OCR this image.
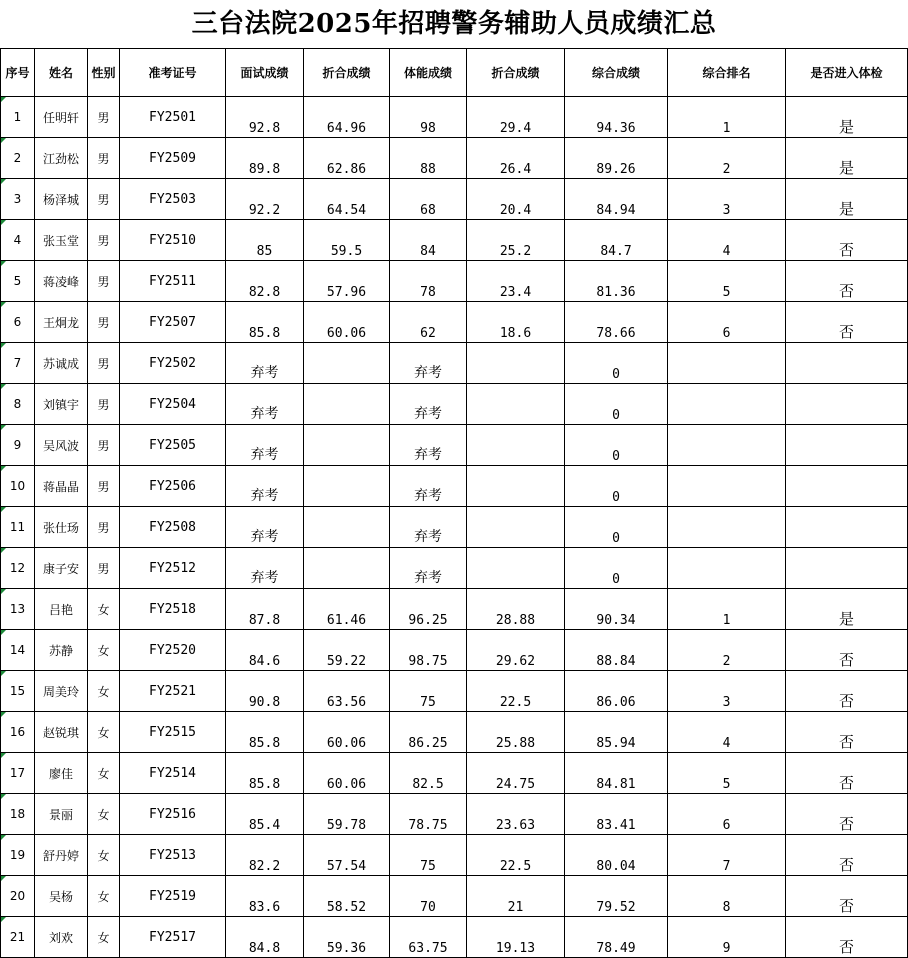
三台法院2025年招聘警务辅助人员成绩汇总
序号	姓名	性别	准考证号	面试成绩	折合成绩	体能成绩	折合成绩	综合成绩	综合排名	是否进入体检
1	任明轩	男	FY2501	92.8	64.96	98	29.4	94.36	1	是
2	江劲松	男	FY2509	89.8	62.86	88	26.4	89.26	2	是
3	杨泽城	男	FY2503	92.2	64.54	68	20.4	84.94	3	是
4	张玉堂	男	FY2510	85	59.5	84	25.2	84.7	4	否
5	蒋凌峰	男	FY2511	82.8	57.96	78	23.4	81.36	5	否
6	王炯龙	男	FY2507	85.8	60.06	62	18.6	78.66	6	否
7	苏诚成	男	FY2502	弃考		弃考		0		
8	刘镇宇	男	FY2504	弃考		弃考		0		
9	吴风波	男	FY2505	弃考		弃考		0		
10	蒋晶晶	男	FY2506	弃考		弃考		0		
11	张仕玚	男	FY2508	弃考		弃考		0		
12	康子安	男	FY2512	弃考		弃考		0		
13	吕艳	女	FY2518	87.8	61.46	96.25	28.88	90.34	1	是
14	苏静	女	FY2520	84.6	59.22	98.75	29.62	88.84	2	否
15	周美玲	女	FY2521	90.8	63.56	75	22.5	86.06	3	否
16	赵锐琪	女	FY2515	85.8	60.06	86.25	25.88	85.94	4	否
17	廖佳	女	FY2514	85.8	60.06	82.5	24.75	84.81	5	否
18	景丽	女	FY2516	85.4	59.78	78.75	23.63	83.41	6	否
19	舒丹婷	女	FY2513	82.2	57.54	75	22.5	80.04	7	否
20	吴杨	女	FY2519	83.6	58.52	70	21	79.52	8	否
21	刘欢	女	FY2517	84.8	59.36	63.75	19.13	78.49	9	否
